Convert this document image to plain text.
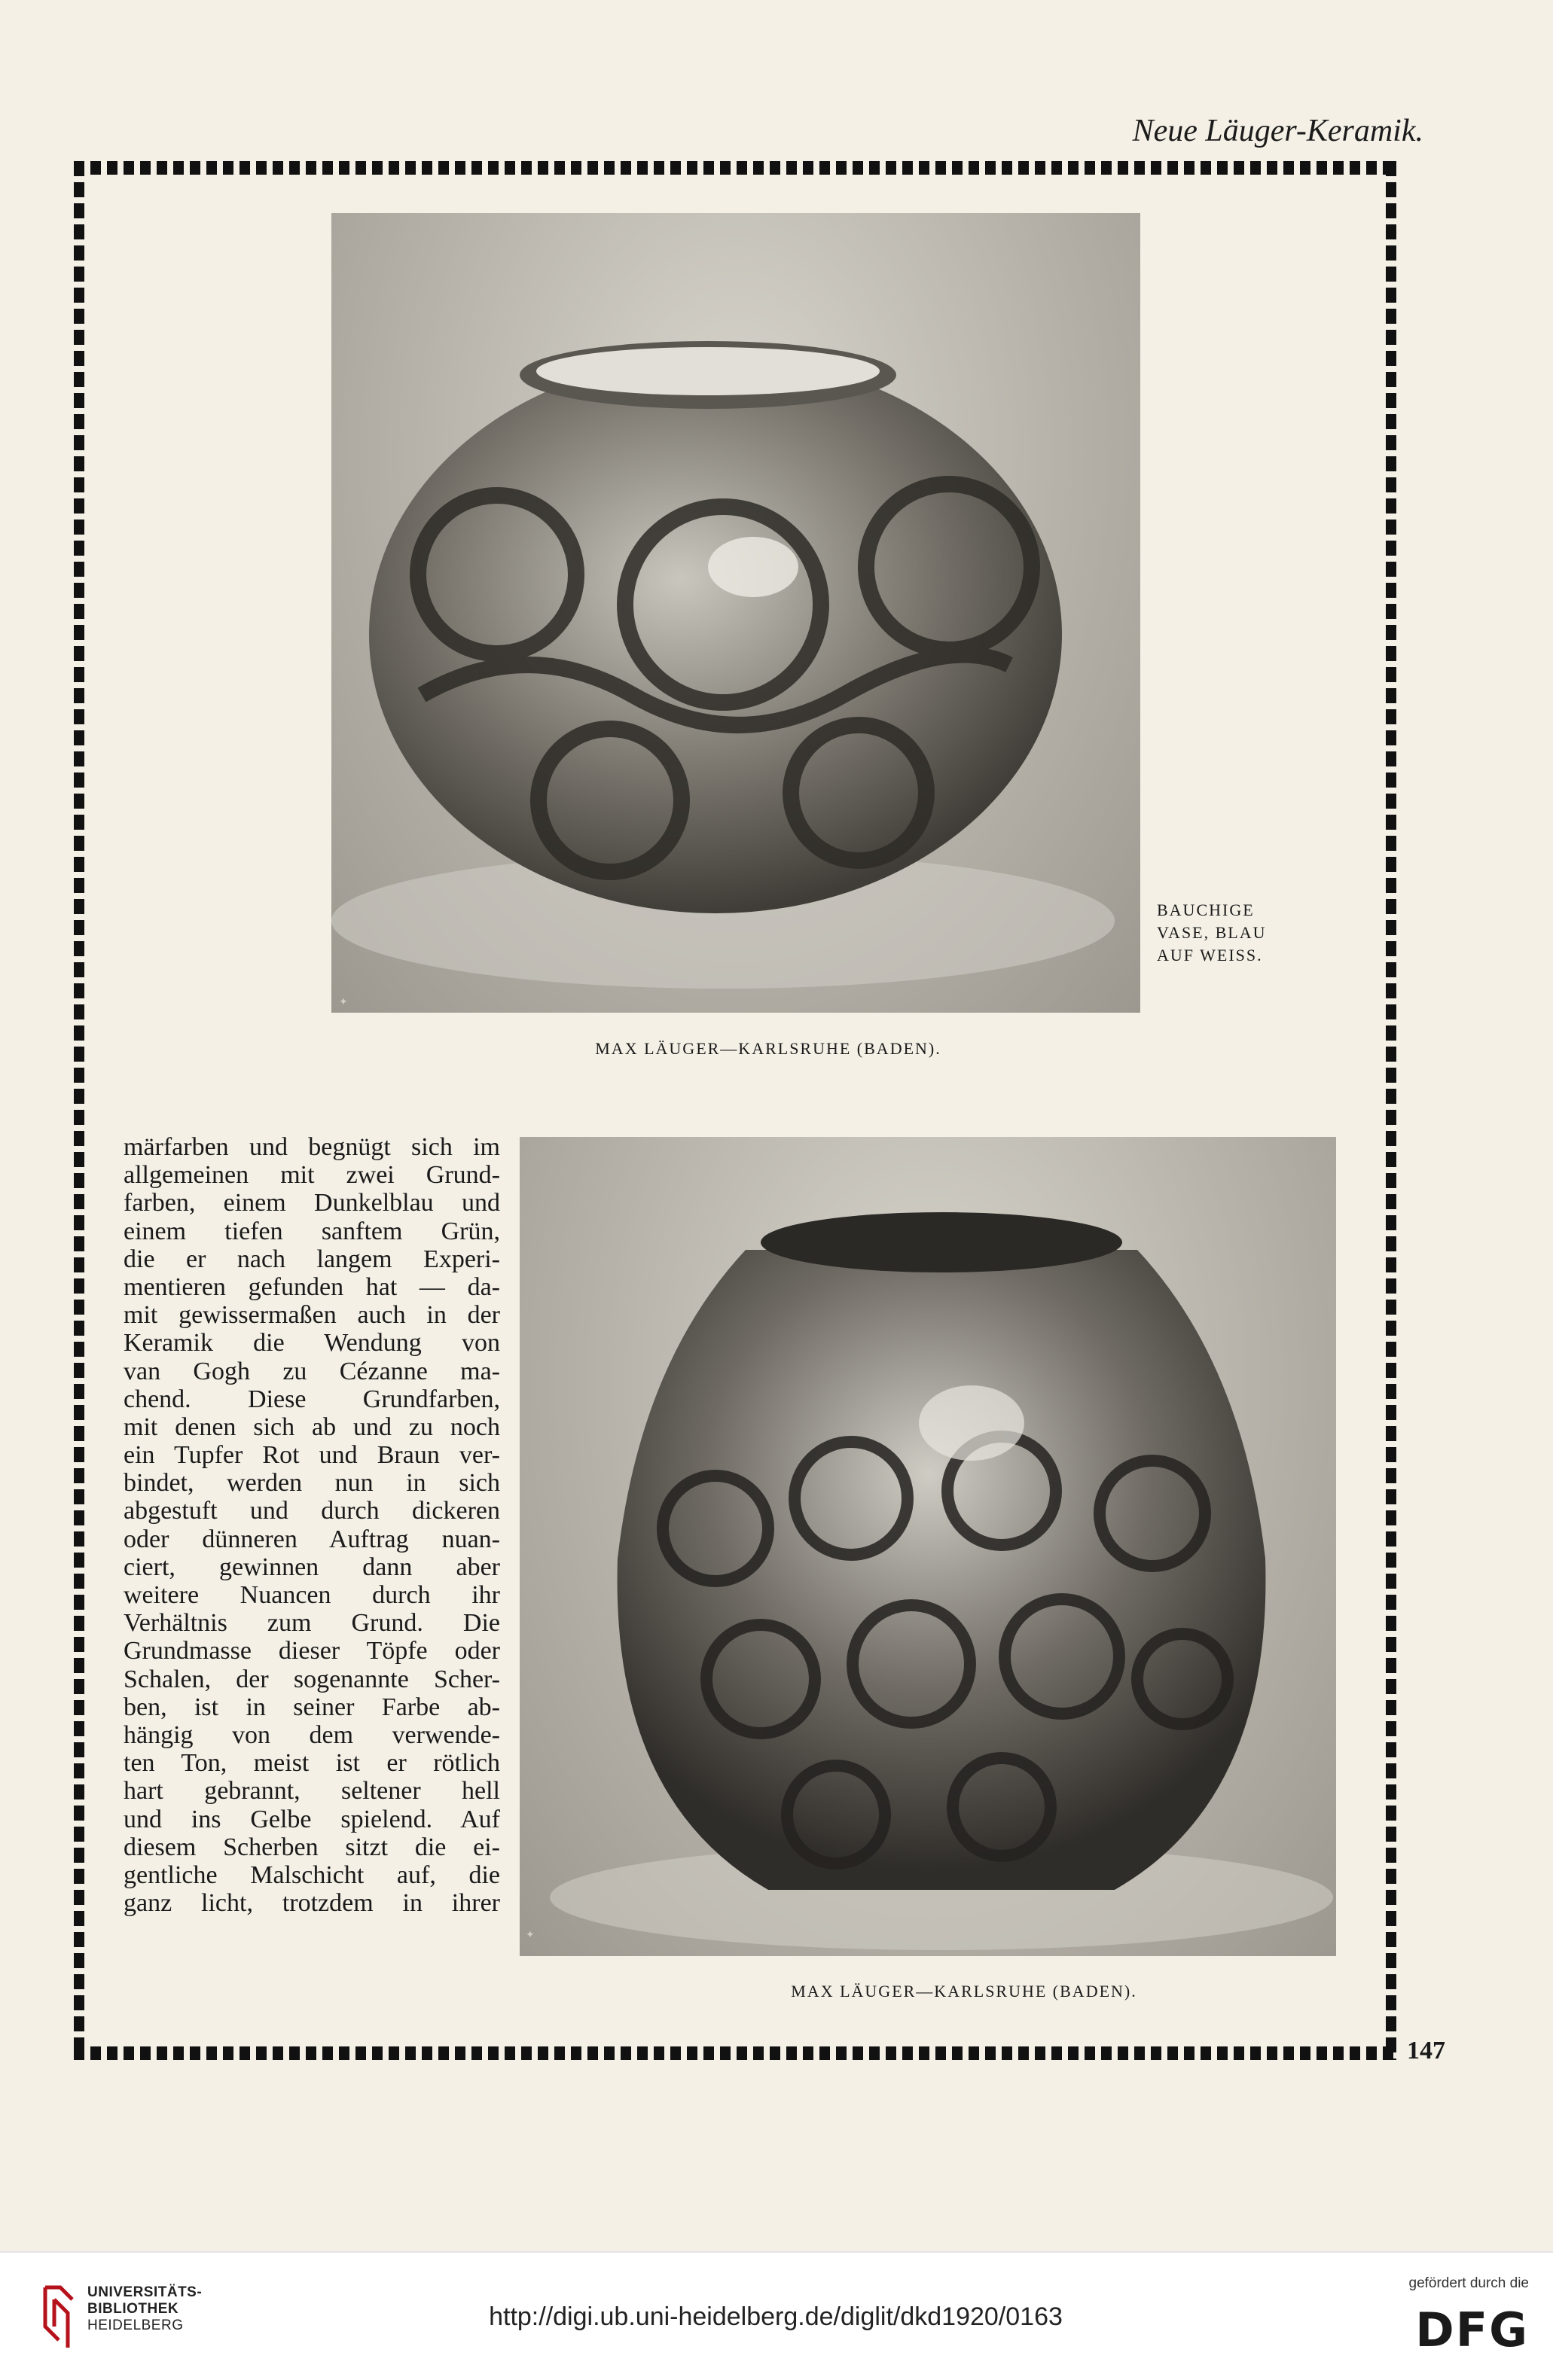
Neue Läuger-Keramik.
✦
BAUCHIGE
VASE, BLAU
AUF WEISS.
MAX LÄUGER—KARLSRUHE (BADEN).
✦
MAX LÄUGER—KARLSRUHE (BADEN).
märfarben und begnügt sich im
allgemeinen mit zwei Grund-
farben, einem Dunkelblau und
einem tiefen sanftem Grün,
die er nach langem Experi-
mentieren gefunden hat — da-
mit gewissermaßen auch in der
Keramik die Wendung von
van Gogh zu Cézanne ma-
chend. Diese Grundfarben,
mit denen sich ab und zu noch
ein Tupfer Rot und Braun ver-
bindet, werden nun in sich
abgestuft und durch dickeren
oder dünneren Auftrag nuan-
ciert, gewinnen dann aber
weitere Nuancen durch ihr
Verhältnis zum Grund. Die
Grundmasse dieser Töpfe oder
Schalen, der sogenannte Scher-
ben, ist in seiner Farbe ab-
hängig von dem verwende-
ten Ton, meist ist er rötlich
hart gebrannt, seltener hell
und ins Gelbe spielend. Auf
diesem Scherben sitzt die ei-
gentliche Malschicht auf, die
ganz licht, trotzdem in ihrer
147
UNIVERSITÄTS-
BIBLIOTHEK
HEIDELBERG	http://digi.ub.uni-heidelberg.de/diglit/dkd1920/0163
gefördert durch die
DFG
